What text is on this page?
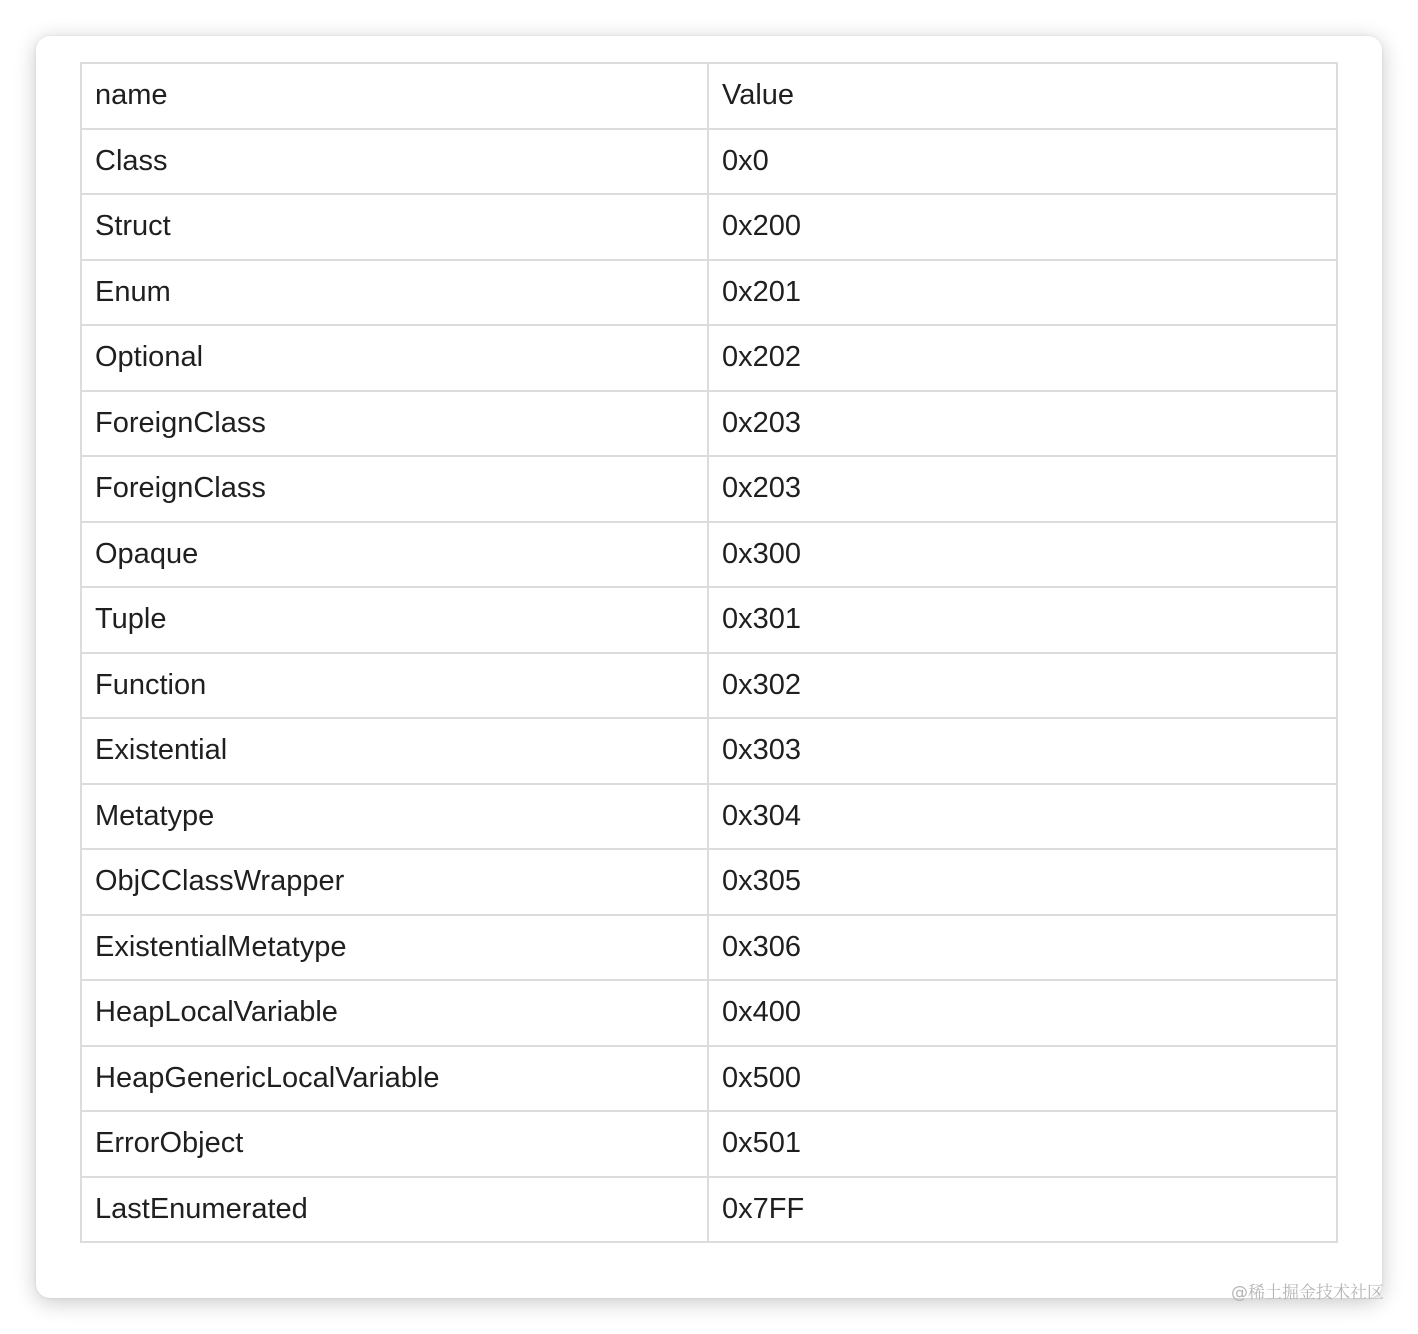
name	Value
Class	0x0
Struct	0x200
Enum	0x201
Optional	0x202
ForeignClass	0x203
ForeignClass	0x203
Opaque	0x300
Tuple	0x301
Function	0x302
Existential	0x303
Metatype	0x304
ObjCClassWrapper	0x305
ExistentialMetatype	0x306
HeapLocalVariable	0x400
HeapGenericLocalVariable	0x500
ErrorObject	0x501
LastEnumerated	0x7FF
@稀土掘金技术社区
